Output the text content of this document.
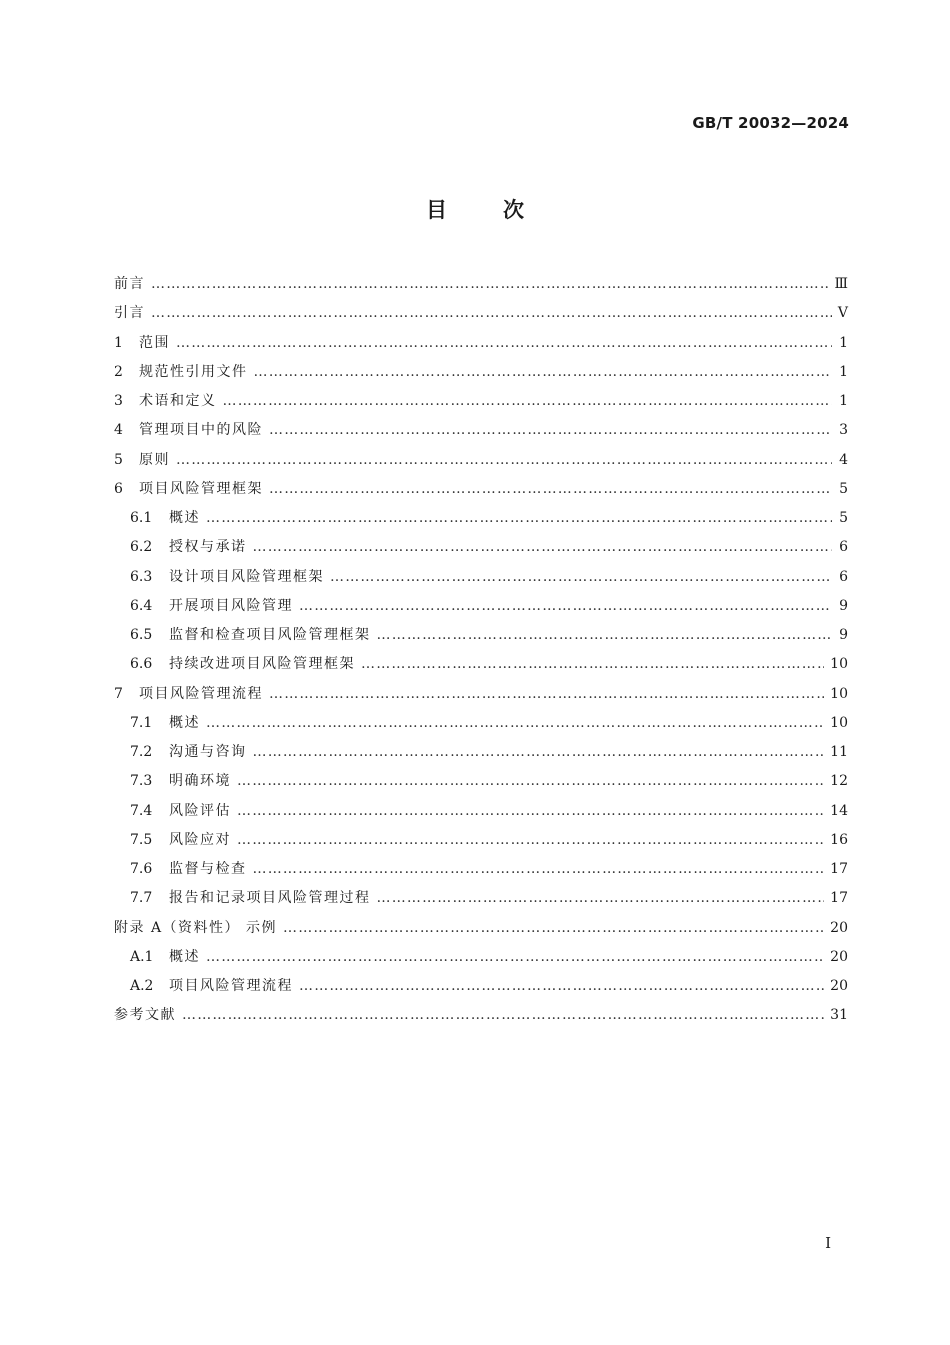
GB/T 20032—2024
目次
前言 …………………………………………………………………………………………………………………………………………………………………………………………	Ⅲ
引言 …………………………………………………………………………………………………………………………………………………………………………………………	Ⅴ
1	范围 …………………………………………………………………………………………………………………………………………………………………………………………	1
2	规范性引用文件 …………………………………………………………………………………………………………………………………………………………………………………………	1
3	术语和定义 …………………………………………………………………………………………………………………………………………………………………………………………	1
4	管理项目中的风险 …………………………………………………………………………………………………………………………………………………………………………………………	3
5	原则 …………………………………………………………………………………………………………………………………………………………………………………………	4
6	项目风险管理框架 …………………………………………………………………………………………………………………………………………………………………………………………	5
6.1	概述 …………………………………………………………………………………………………………………………………………………………………………………………	5
6.2	授权与承诺 …………………………………………………………………………………………………………………………………………………………………………………………	6
6.3	设计项目风险管理框架 …………………………………………………………………………………………………………………………………………………………………………………………	6
6.4	开展项目风险管理 …………………………………………………………………………………………………………………………………………………………………………………………	9
6.5	监督和检查项目风险管理框架 …………………………………………………………………………………………………………………………………………………………………………………………	9
6.6	持续改进项目风险管理框架 …………………………………………………………………………………………………………………………………………………………………………………………	10
7	项目风险管理流程 …………………………………………………………………………………………………………………………………………………………………………………………	10
7.1	概述 …………………………………………………………………………………………………………………………………………………………………………………………	10
7.2	沟通与咨询 …………………………………………………………………………………………………………………………………………………………………………………………	11
7.3	明确环境 …………………………………………………………………………………………………………………………………………………………………………………………	12
7.4	风险评估 …………………………………………………………………………………………………………………………………………………………………………………………	14
7.5	风险应对 …………………………………………………………………………………………………………………………………………………………………………………………	16
7.6	监督与检查 …………………………………………………………………………………………………………………………………………………………………………………………	17
7.7	报告和记录项目风险管理过程 …………………………………………………………………………………………………………………………………………………………………………………………	17
附录 A（资料性） 示例 …………………………………………………………………………………………………………………………………………………………………………………………	20
A.1	概述 …………………………………………………………………………………………………………………………………………………………………………………………	20
A.2	项目风险管理流程 …………………………………………………………………………………………………………………………………………………………………………………………	20
参考文献 …………………………………………………………………………………………………………………………………………………………………………………………	31
I
